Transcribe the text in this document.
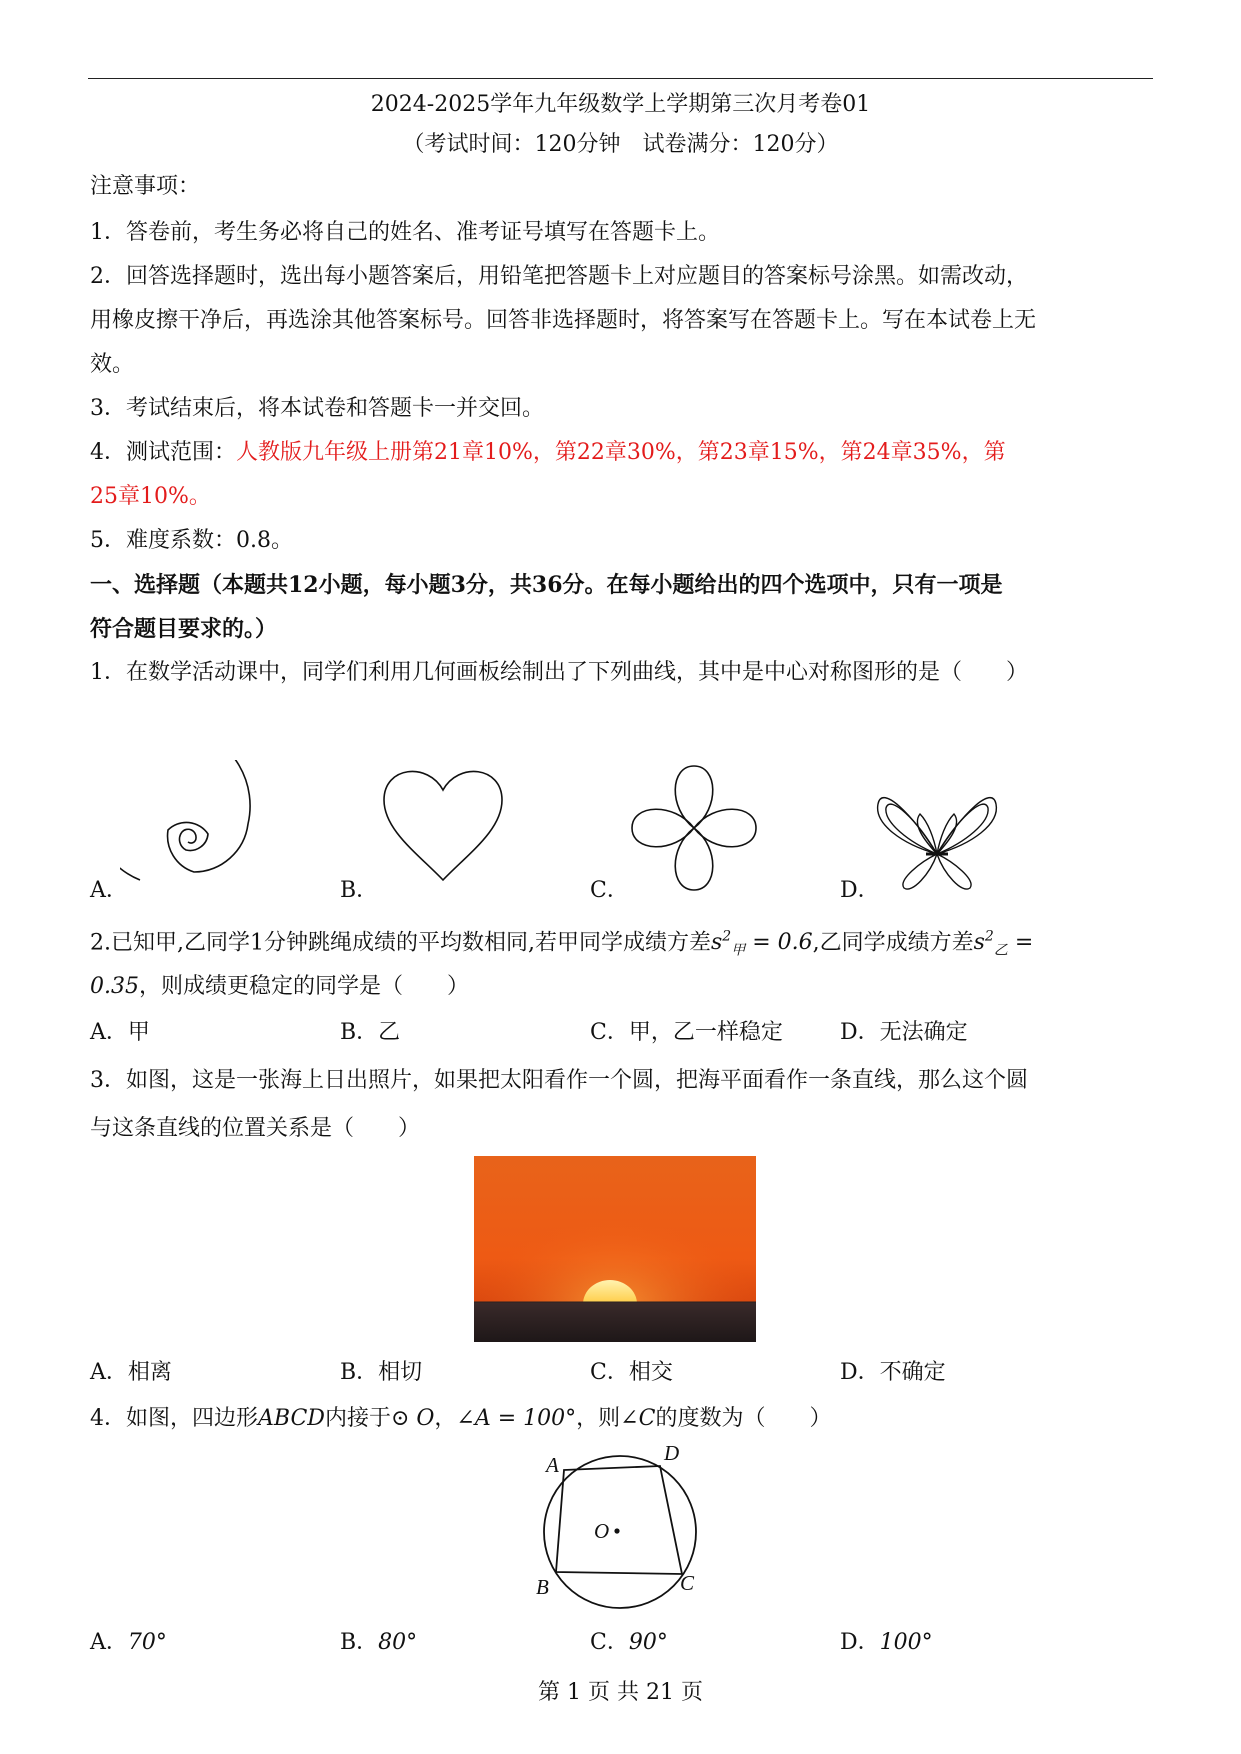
2024-2025学年九年级数学上学期第三次月考卷01
（考试时间：120分钟　试卷满分：120分）
注意事项：
1．答卷前，考生务必将自己的姓名、准考证号填写在答题卡上。
2．回答选择题时，选出每小题答案后，用铅笔把答题卡上对应题目的答案标号涂黑。如需改动，
用橡皮擦干净后，再选涂其他答案标号。回答非选择题时，将答案写在答题卡上。写在本试卷上无
效。
3．考试结束后，将本试卷和答题卡一并交回。
4．测试范围：人教版九年级上册第21章10%，第22章30%，第23章15%，第24章35%，第
25章10%。
5．难度系数：0.8。
一、选择题（本题共12小题，每小题3分，共36分。在每小题给出的四个选项中，只有一项是
符合题目要求的。）
1．在数学活动课中，同学们利用几何画板绘制出了下列曲线，其中是中心对称图形的是（　　）
A．	B．	C．	D．
2.已知甲,乙同学1分钟跳绳成绩的平均数相同,若甲同学成绩方差$s^2_甲 = 0.6$,乙同学成绩方差$s^2_乙$ =
0.35，则成绩更稳定的同学是（　　）
A．甲	B．乙	C．甲，乙一样稳定	D．无法确定
3．如图，这是一张海上日出照片，如果把太阳看作一个圆，把海平面看作一条直线，那么这个圆
与这条直线的位置关系是（　　）
A．相离	B．相切	C．相交	D．不确定
4．如图，四边形ABCD内接于⊙ O，∠A = 100°，则∠C的度数为（　　）
A	D
B	C
O
A．70°	B．80°	C．90°	D．100°
第 1 页 共 21 页
